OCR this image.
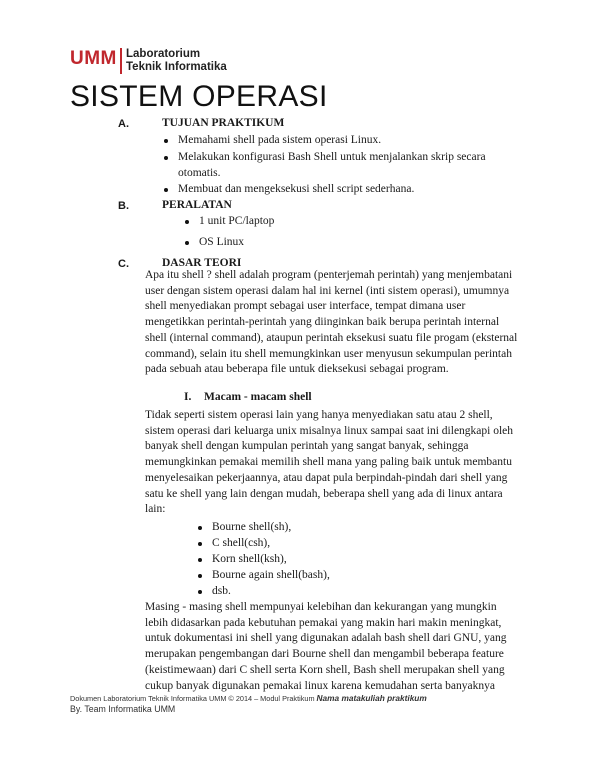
UMM Laboratorium
Teknik Informatika
SISTEM OPERASI
A.	TUJUAN PRAKTIKUM
Memahami shell pada sistem operasi Linux.
Melakukan konfigurasi Bash Shell untuk menjalankan skrip secara
otomatis.
Membuat dan mengeksekusi shell script sederhana.
B.	PERALATAN
1 unit PC/laptop
OS Linux
C.	DASAR TEORI
Apa itu shell ? shell adalah program (penterjemah perintah) yang menjembatani
user dengan sistem operasi dalam hal ini kernel (inti sistem operasi), umumnya
shell menyediakan prompt sebagai user interface, tempat dimana user
mengetikkan perintah-perintah yang diinginkan baik berupa perintah internal
shell (internal command), ataupun perintah eksekusi suatu file progam (eksternal
command), selain itu shell memungkinkan user menyusun sekumpulan perintah
pada sebuah atau beberapa file untuk dieksekusi sebagai program.
I. Macam - macam shell
Tidak seperti sistem operasi lain yang hanya menyediakan satu atau 2 shell,
sistem operasi dari keluarga unix misalnya linux sampai saat ini dilengkapi oleh
banyak shell dengan kumpulan perintah yang sangat banyak, sehingga
memungkinkan pemakai memilih shell mana yang paling baik untuk membantu
menyelesaikan pekerjaannya, atau dapat pula berpindah-pindah dari shell yang
satu ke shell yang lain dengan mudah, beberapa shell yang ada di linux antara
lain:
Bourne shell(sh),
C shell(csh),
Korn shell(ksh),
Bourne again shell(bash),
dsb.
Masing - masing shell mempunyai kelebihan dan kekurangan yang mungkin
lebih didasarkan pada kebutuhan pemakai yang makin hari makin meningkat,
untuk dokumentasi ini shell yang digunakan adalah bash shell dari GNU, yang
merupakan pengembangan dari Bourne shell dan mengambil beberapa feature
(keistimewaan) dari C shell serta Korn shell, Bash shell merupakan shell yang
cukup banyak digunakan pemakai linux karena kemudahan serta banyaknya
Dokumen Laboratorium Teknik Informatika UMM © 2014 – Modul Praktikum Nama matakuliah praktikum
By. Team Informatika UMM
